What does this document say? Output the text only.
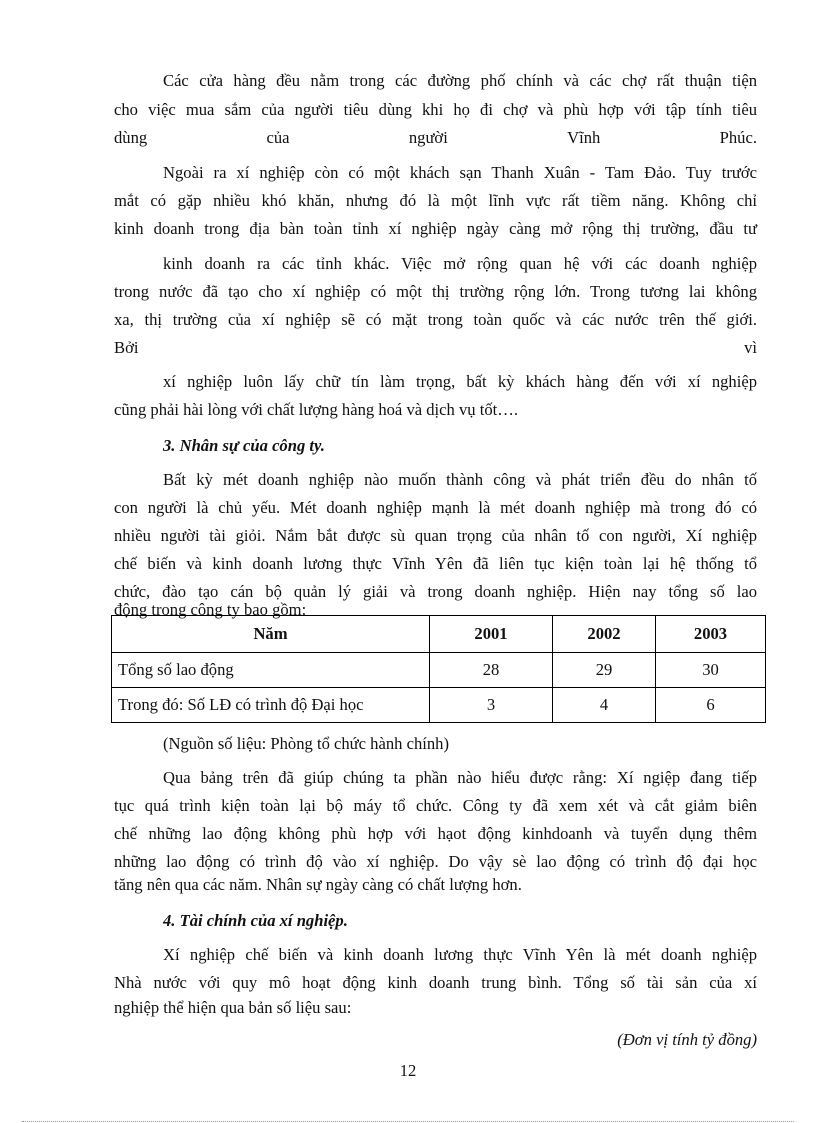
Các cửa hàng đều nằm trong các đường phố chính và các chợ rất thuận tiện
cho việc mua sắm của người tiêu dùng khi họ đi chợ và phù hợp với tập tính tiêu
dùng	của	người	Vĩnh	Phúc.
Ngoài ra xí nghiệp còn có một khách sạn Thanh Xuân - Tam Đảo. Tuy trước
mắt có gặp nhiều khó khăn, nhưng đó là một lĩnh vực rất tiềm năng. Không chỉ
kinh doanh trong địa bàn toàn tỉnh xí nghiệp ngày càng mở rộng thị trường, đầu tư
kinh doanh ra các tỉnh khác. Việc mở rộng quan hệ với các doanh nghiệp
trong nước đã tạo cho xí nghiệp có một thị trường rộng lớn. Trong tương lai không
xa, thị trường của xí nghiệp sẽ có mặt trong toàn quốc và các nước trên thế giới.
Bởi vì
xí nghiệp luôn lấy chữ tín làm trọng, bất kỳ khách hàng đến với xí nghiệp
cũng phải hài lòng với chất lượng hàng hoá và dịch vụ tốt….
3. Nhân sự của công ty.
Bất kỳ mét doanh nghiệp nào muốn thành công và phát triển đều do nhân tố
con người là chủ yếu. Mét doanh nghiệp mạnh là mét doanh nghiệp mà trong đó có
nhiều người tài giỏi. Nắm bắt được sù quan trọng của nhân tố con người, Xí nghiệp
chế biến và kinh doanh lương thực Vĩnh Yên đã liên tục kiện toàn lại hệ thống tổ
chức, đào tạo cán bộ quản lý giải và trong doanh nghiệp. Hiện nay tổng số lao
động trong công ty bao gồm:
Năm	2001	2002	2003
Tổng số lao động	28	29	30
Trong đó: Số LĐ có trình độ Đại học	3	4	6
(Nguồn số liệu: Phòng tổ chức hành chính)
Qua bảng trên đã giúp chúng ta phần nào hiểu được rằng: Xí ngiệp đang tiếp
tục quá trình kiện toàn lại bộ máy tổ chức. Công ty đã xem xét và cắt giảm biên
chế những lao động không phù hợp với hạot động kinhdoanh và tuyển dụng thêm
những lao động có trình độ vào xí nghiệp. Do vậy sè lao động có trình độ đại học
tăng nên qua các năm. Nhân sự ngày càng có chất lượng hơn.
4. Tài chính của xí nghiệp.
Xí nghiệp chế biến và kinh doanh lương thực Vĩnh Yên là mét doanh nghiệp
Nhà nước với quy mô hoạt động kinh doanh trung bình. Tổng số tài sản của xí
nghiệp thể hiện qua bản số liệu sau:
(Đơn vị tính tỷ đồng)
12
